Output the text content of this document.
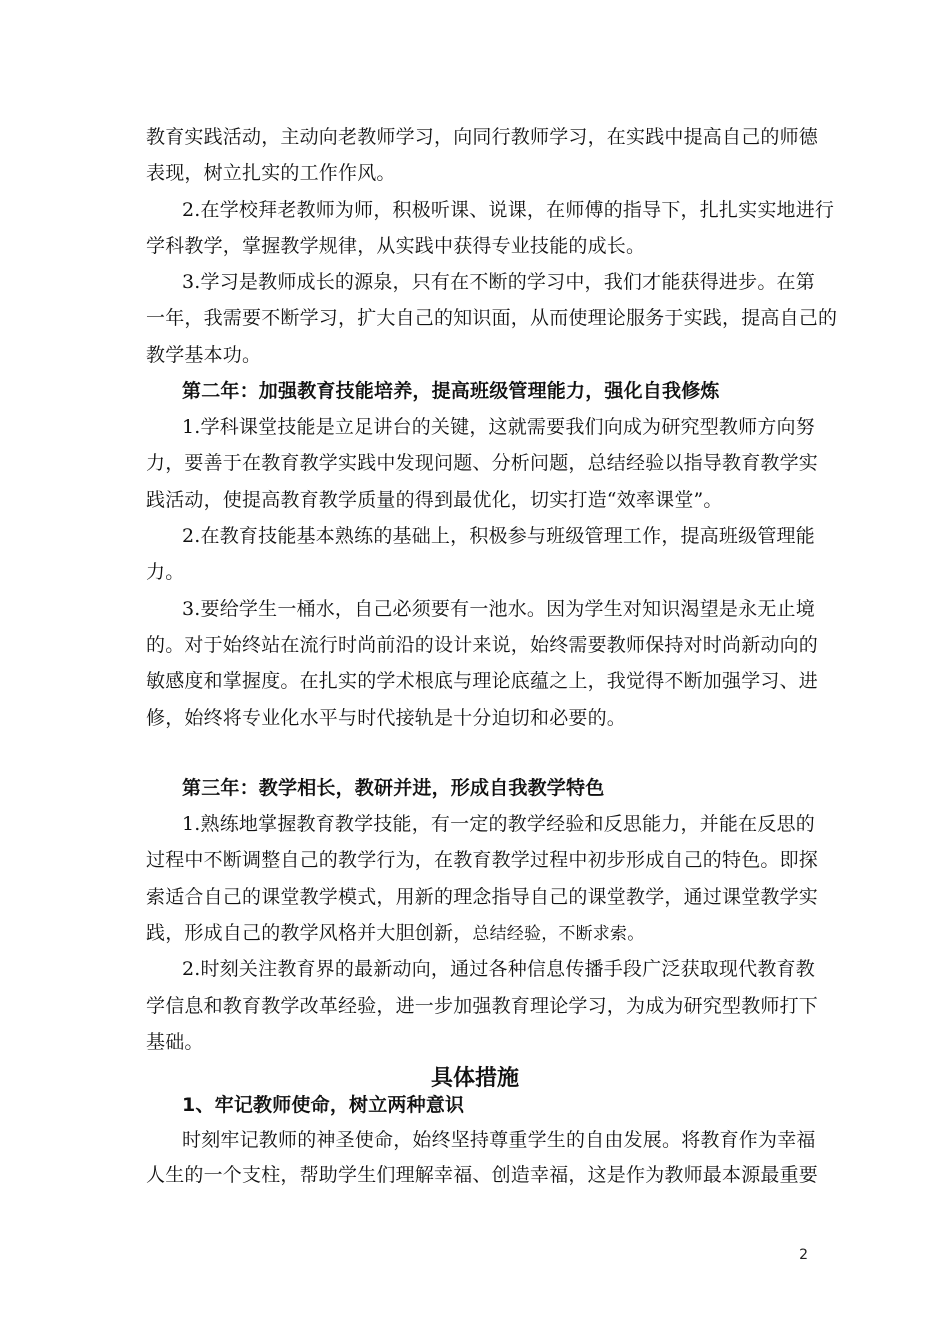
教育实践活动，主动向老教师学习，向同行教师学习，在实践中提高自己的师德
表现，树立扎实的工作作风。
2.在学校拜老教师为师，积极听课、说课，在师傅的指导下，扎扎实实地进行
学科教学，掌握教学规律，从实践中获得专业技能的成长。
3.学习是教师成长的源泉，只有在不断的学习中，我们才能获得进步。在第
一年，我需要不断学习，扩大自己的知识面，从而使理论服务于实践，提高自己的
教学基本功。
第二年：加强教育技能培养，提高班级管理能力，强化自我修炼
1.学科课堂技能是立足讲台的关键，这就需要我们向成为研究型教师方向努
力，要善于在教育教学实践中发现问题、分析问题，总结经验以指导教育教学实
践活动，使提高教育教学质量的得到最优化，切实打造“效率课堂”。
2.在教育技能基本熟练的基础上，积极参与班级管理工作，提高班级管理能
力。
3.要给学生一桶水，自己必须要有一池水。因为学生对知识渴望是永无止境
的。对于始终站在流行时尚前沿的设计来说，始终需要教师保持对时尚新动向的
敏感度和掌握度。在扎实的学术根底与理论底蕴之上，我觉得不断加强学习、进
修，始终将专业化水平与时代接轨是十分迫切和必要的。
第三年：教学相长，教研并进，形成自我教学特色
1.熟练地掌握教育教学技能，有一定的教学经验和反思能力，并能在反思的
过程中不断调整自己的教学行为，在教育教学过程中初步形成自己的特色。即探
索适合自己的课堂教学模式，用新的理念指导自己的课堂教学，通过课堂教学实
践，形成自己的教学风格并大胆创新，总结经验，不断求索。
2.时刻关注教育界的最新动向，通过各种信息传播手段广泛获取现代教育教
学信息和教育教学改革经验，进一步加强教育理论学习，为成为研究型教师打下
基础。
具体措施
1、牢记教师使命，树立两种意识
时刻牢记教师的神圣使命，始终坚持尊重学生的自由发展。将教育作为幸福
人生的一个支柱，帮助学生们理解幸福、创造幸福，这是作为教师最本源最重要
2
